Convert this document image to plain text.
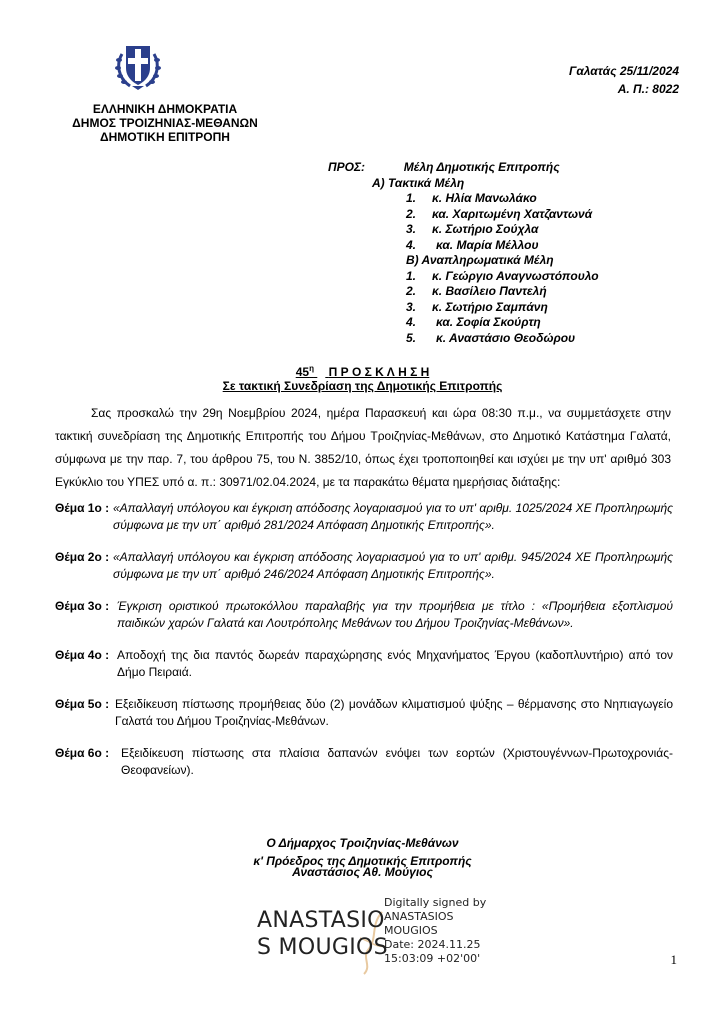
ΕΛΛΗΝΙΚΗ ΔΗΜΟΚΡΑΤΙΑ
ΔΗΜΟΣ ΤΡΟΙΖΗΝΙΑΣ-ΜΕΘΑΝΩΝ
ΔΗΜΟΤΙΚΗ ΕΠΙΤΡΟΠΗ
Γαλατάς 25/11/2024
Α. Π.: 8022
ΠΡΟΣ:	Μέλη Δημοτικής Επιτροπής
Α) Τακτικά Μέλη
1. κ. Ηλία Μανωλάκο
2. κα. Χαριτωμένη Χατζαντωνά
3. κ. Σωτήριο Σούχλα
4. κα. Μαρία Μέλλου
Β) Αναπληρωματικά Μέλη
1. κ. Γεώργιο Αναγνωστόπουλο
2. κ. Βασίλειο Παντελή
3. κ. Σωτήριο Σαμπάνη
4. κα. Σοφία Σκούρτη
5. κ. Αναστάσιο Θεοδώρου
$45^\eta$ Π Ρ Ο Σ Κ Λ Η Σ Η
Σε τακτική Συνεδρίαση της Δημοτικής Επιτροπής
Σας προσκαλώ την 29η Νοεμβρίου 2024, ημέρα Παρασκευή και ώρα 08:30 π.μ., να συμμετάσχετε στην τακτική συνεδρίαση της Δημοτικής Επιτροπής του Δήμου Τροιζηνίας-Μεθάνων, στο Δημοτικό Κατάστημα Γαλατά, σύμφωνα με την παρ. 7, του άρθρου 75, του Ν. 3852/10, όπως έχει τροποποιηθεί και ισχύει με την υπ' αριθμό 303 Εγκύκλιο του ΥΠΕΣ υπό α. π.: 30971/02.04.2024, με τα παρακάτω θέματα ημερήσιας διάταξης:
Θέμα 1ο : «Απαλλαγή υπόλογου και έγκριση απόδοσης λογαριασμού για το υπ' αριθμ. 1025/2024 ΧΕ Προπληρωμής σύμφωνα με την υπ΄ αριθμό 281/2024 Απόφαση Δημοτικής Επιτροπής».
Θέμα 2ο : «Απαλλαγή υπόλογου και έγκριση απόδοσης λογαριασμού για το υπ' αριθμ. 945/2024 ΧΕ Προπληρωμής σύμφωνα με την υπ΄ αριθμό 246/2024 Απόφαση Δημοτικής Επιτροπής».
Θέμα 3ο : Έγκριση οριστικού πρωτοκόλλου παραλαβής για την προμήθεια με τίτλο : «Προμήθεια εξοπλισμού παιδικών χαρών Γαλατά και Λουτρόπολης Μεθάνων του Δήμου Τροιζηνίας-Μεθάνων».
Θέμα 4ο : Αποδοχή της δια παντός δωρεάν παραχώρησης ενός Μηχανήματος Έργου (καδοπλυντήριο) από τον Δήμο Πειραιά.
Θέμα 5ο : Εξειδίκευση πίστωσης προμήθειας δύο (2) μονάδων κλιματισμού ψύξης – θέρμανσης στο Νηπιαγωγείο Γαλατά του Δήμου Τροιζηνίας-Μεθάνων.
Θέμα 6ο : Εξειδίκευση πίστωσης στα πλαίσια δαπανών ενόψει των εορτών (Χριστουγέννων-Πρωτοχρονιάς-Θεοφανείων).
Ο Δήμαρχος Τροιζηνίας-Μεθάνων
κ' Πρόεδρος της Δημοτικής Επιτροπής
Αναστάσιος Αθ. Μούγιος
ANASTASIO
S MOUGIOS
Digitally signed by
ANASTASIOS
MOUGIOS
Date: 2024.11.25
15:03:09 +02'00'	1
